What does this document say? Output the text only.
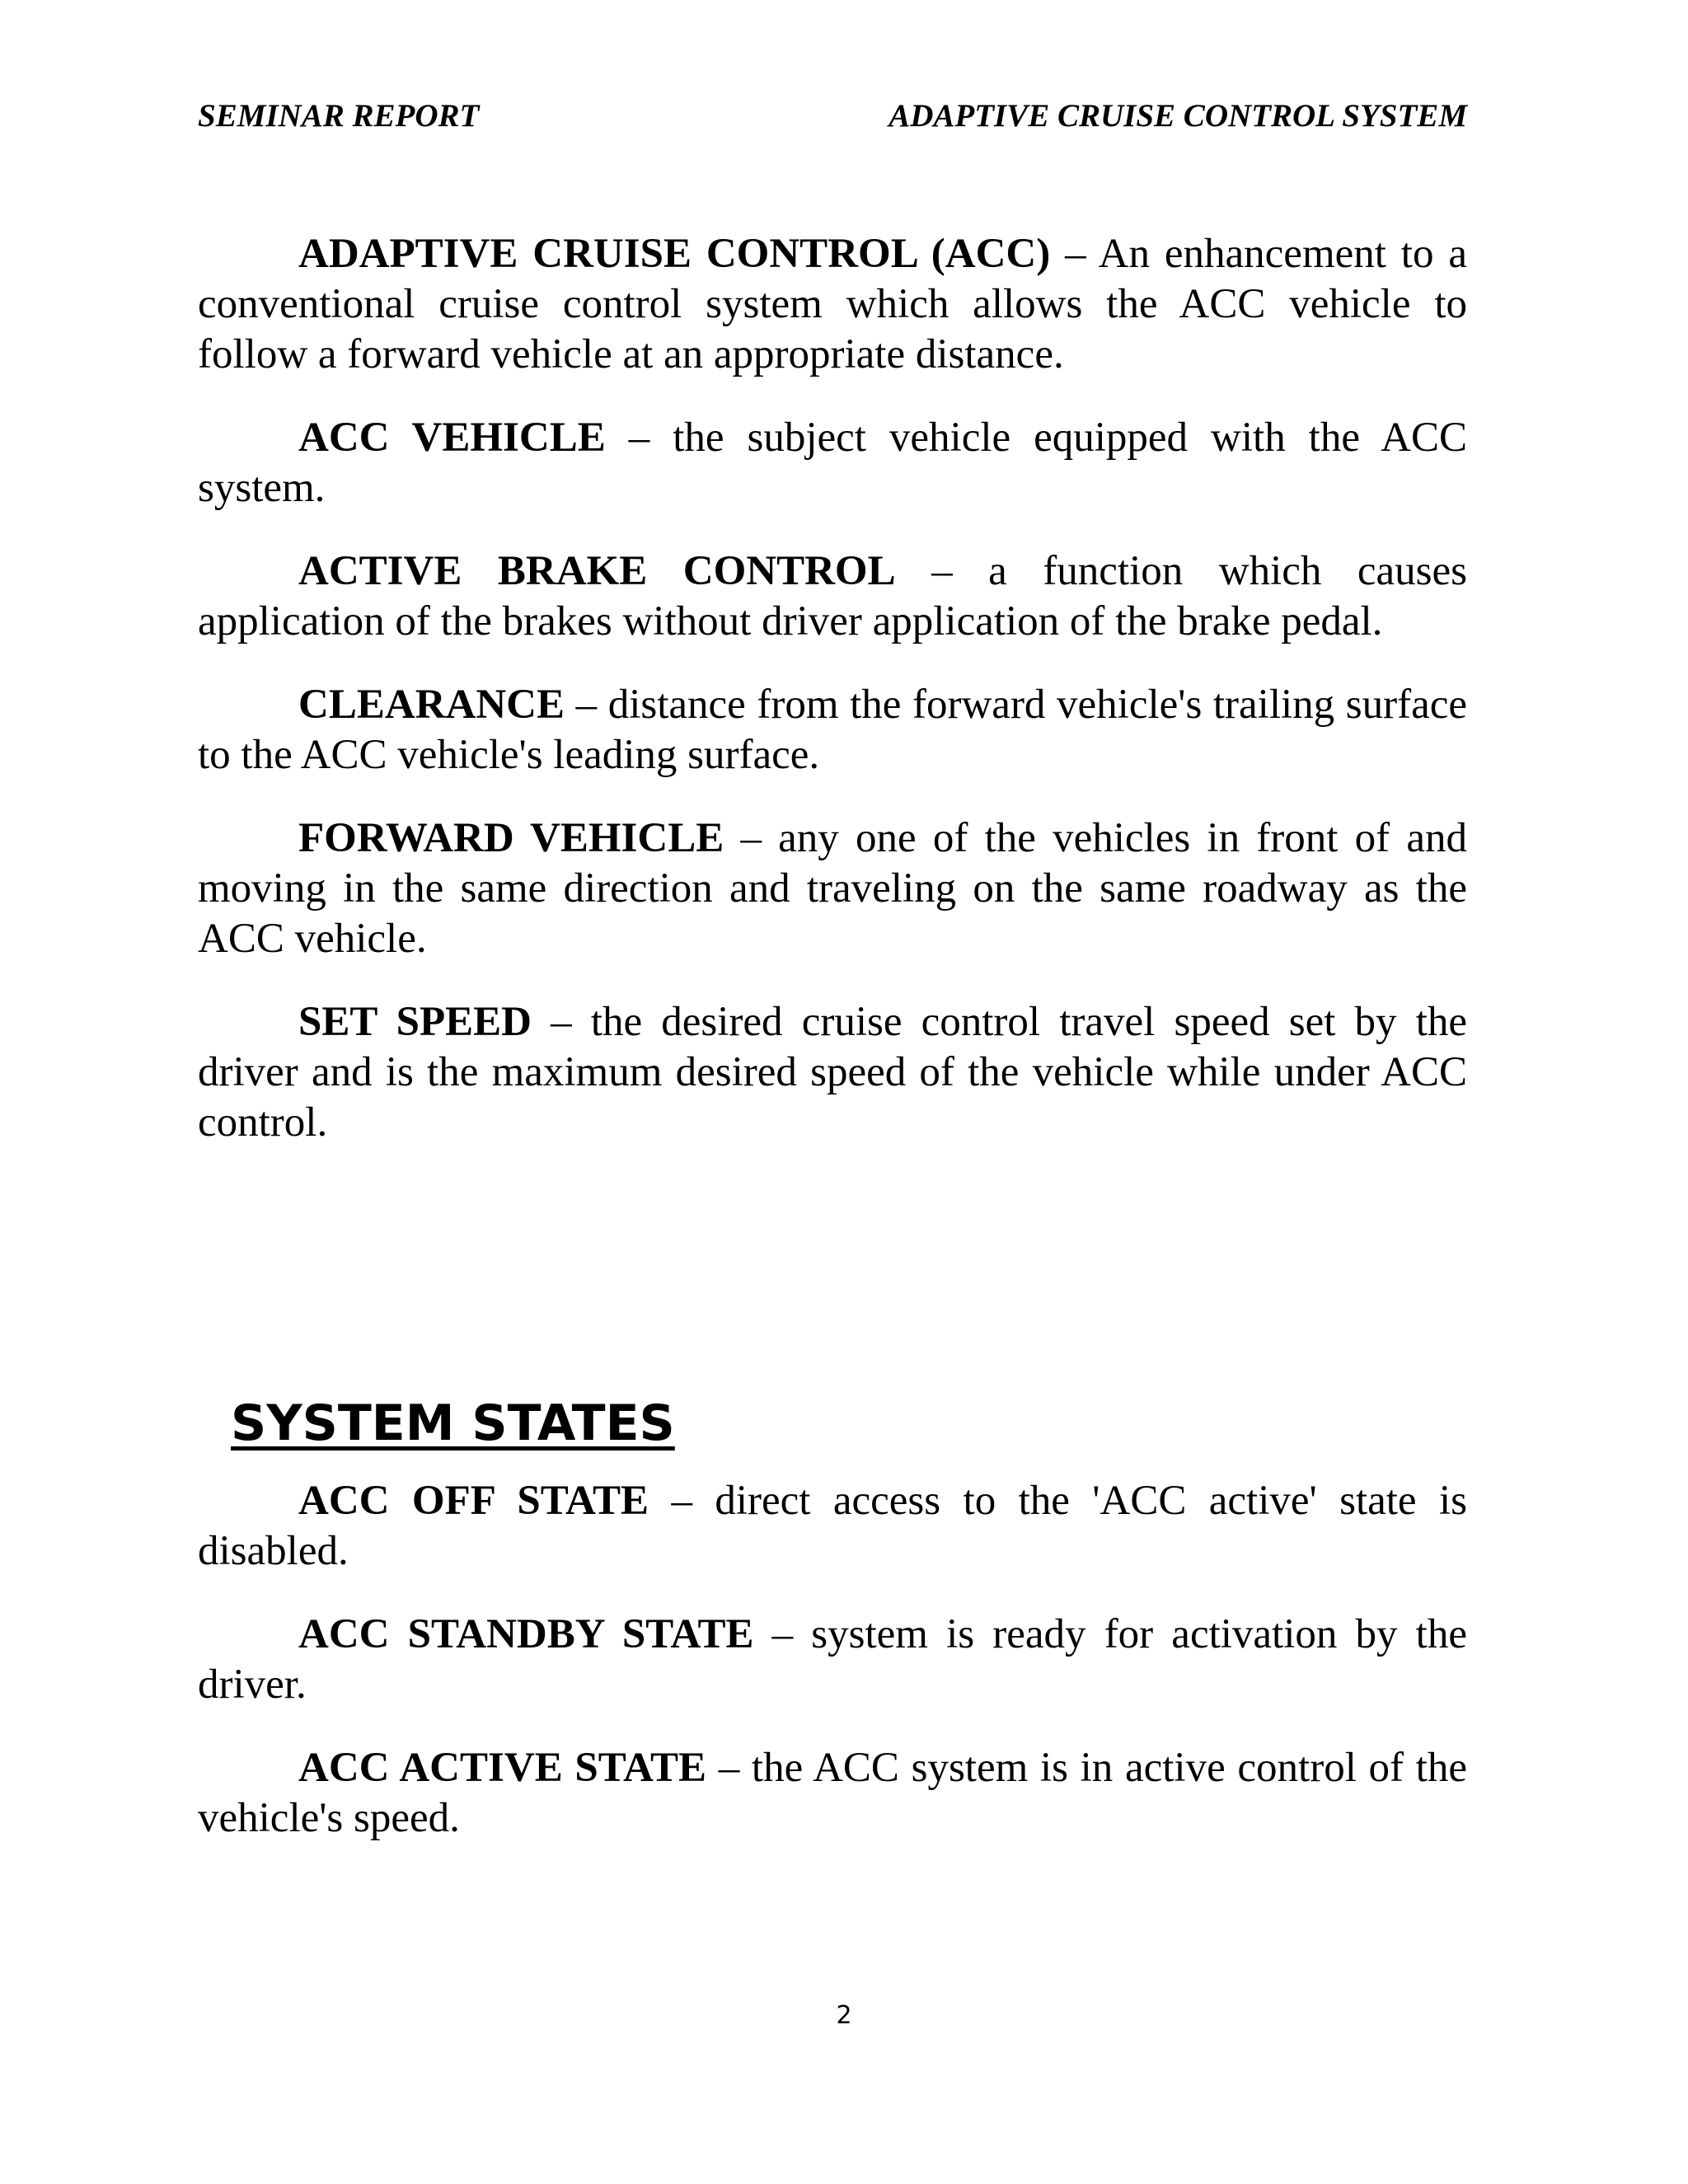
SEMINAR REPORT	ADAPTIVE CRUISE CONTROL SYSTEM

ADAPTIVE CRUISE CONTROL (ACC) – An enhancement to a conventional cruise control system which allows the ACC vehicle to follow a forward vehicle at an appropriate distance.

ACC VEHICLE – the subject vehicle equipped with the ACC system.

ACTIVE BRAKE CONTROL – a function which causes application of the brakes without driver application of the brake pedal.

CLEARANCE – distance from the forward vehicle's trailing surface to the ACC vehicle's leading surface.

FORWARD VEHICLE – any one of the vehicles in front of and moving in the same direction and traveling on the same roadway as the ACC vehicle.

SET SPEED – the desired cruise control travel speed set by the driver and is the maximum desired speed of the vehicle while under ACC control.

SYSTEM STATES

ACC OFF STATE – direct access to the 'ACC active' state is disabled.

ACC STANDBY STATE – system is ready for activation by the driver.

ACC ACTIVE STATE – the ACC system is in active control of the vehicle's speed.

2
